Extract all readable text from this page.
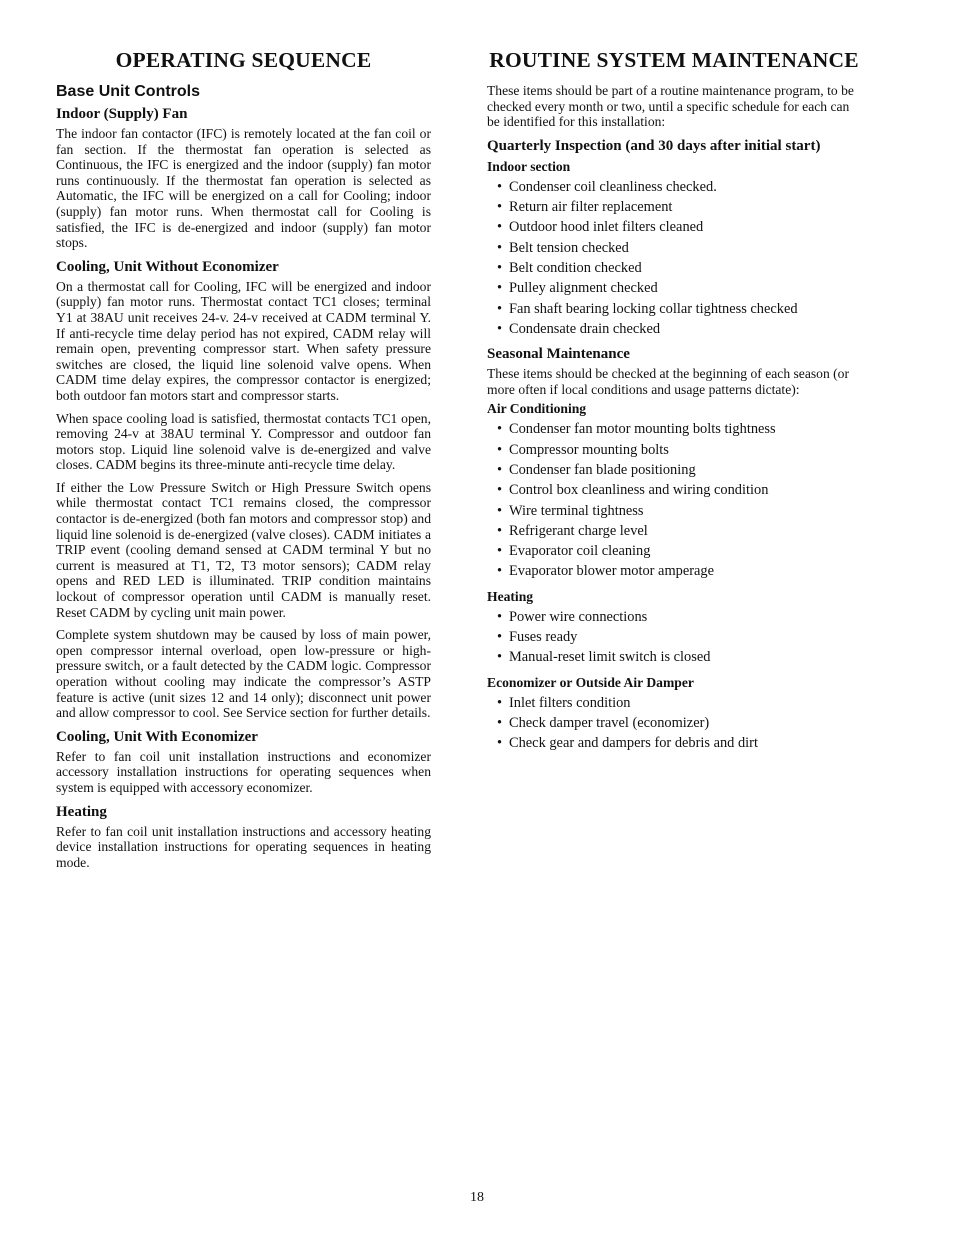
OPERATING SEQUENCE
Base Unit Controls
Indoor (Supply) Fan

The indoor fan contactor (IFC) is remotely located at the fan coil or fan section. If the thermostat fan operation is selected as Continuous, the IFC is energized and the indoor (supply) fan motor runs continuously. If the thermostat fan operation is selected as Automatic, the IFC will be energized on a call for Cooling; indoor (supply) fan motor runs. When thermostat call for Cooling is satisfied, the IFC is de-energized and indoor (supply) fan motor stops.

Cooling, Unit Without Economizer

On a thermostat call for Cooling, IFC will be energized and indoor (supply) fan motor runs. Thermostat contact TC1 closes; terminal Y1 at 38AU unit receives 24-v. 24-v received at CADM terminal Y. If anti-recycle time delay period has not expired, CADM relay will remain open, preventing compressor start. When safety pressure switches are closed, the liquid line solenoid valve opens. When CADM time delay expires, the compressor contactor is energized; both outdoor fan motors start and compressor starts.

When space cooling load is satisfied, thermostat contacts TC1 open, removing 24-v at 38AU terminal Y. Compressor and outdoor fan motors stop. Liquid line solenoid valve is de-energized and valve closes. CADM begins its three-minute anti-recycle time delay.

If either the Low Pressure Switch or High Pressure Switch opens while thermostat contact TC1 remains closed, the compressor contactor is de-energized (both fan motors and compressor stop) and liquid line solenoid is de-energized (valve closes). CADM initiates a TRIP event (cooling demand sensed at CADM terminal Y but no current is measured at T1, T2, T3 motor sensors); CADM relay opens and RED LED is illuminated. TRIP condition maintains lockout of compressor operation until CADM is manually reset. Reset CADM by cycling unit main power.

Complete system shutdown may be caused by loss of main power, open compressor internal overload, open low-pressure or high-pressure switch, or a fault detected by the CADM logic. Compressor operation without cooling may indicate the compressor’s ASTP feature is active (unit sizes 12 and 14 only); disconnect unit power and allow compressor to cool. See Service section for further details.

Cooling, Unit With Economizer

Refer to fan coil unit installation instructions and economizer accessory installation instructions for operating sequences when system is equipped with accessory economizer.

Heating

Refer to fan coil unit installation instructions and accessory heating device installation instructions for operating sequences in heating mode.

ROUTINE SYSTEM MAINTENANCE

These items should be part of a routine maintenance program, to be checked every month or two, until a specific schedule for each can be identified for this installation:

Quarterly Inspection (and 30 days after initial start)
Indoor section
• Condenser coil cleanliness checked.
• Return air filter replacement
• Outdoor hood inlet filters cleaned
• Belt tension checked
• Belt condition checked
• Pulley alignment checked
• Fan shaft bearing locking collar tightness checked
• Condensate drain checked
Seasonal Maintenance

These items should be checked at the beginning of each season (or more often if local conditions and usage patterns dictate):

Air Conditioning
• Condenser fan motor mounting bolts tightness
• Compressor mounting bolts
• Condenser fan blade positioning
• Control box cleanliness and wiring condition
• Wire terminal tightness
• Refrigerant charge level
• Evaporator coil cleaning
• Evaporator blower motor amperage
Heating
• Power wire connections
• Fuses ready
• Manual-reset limit switch is closed
Economizer or Outside Air Damper
• Inlet filters condition
• Check damper travel (economizer)
• Check gear and dampers for debris and dirt
18
